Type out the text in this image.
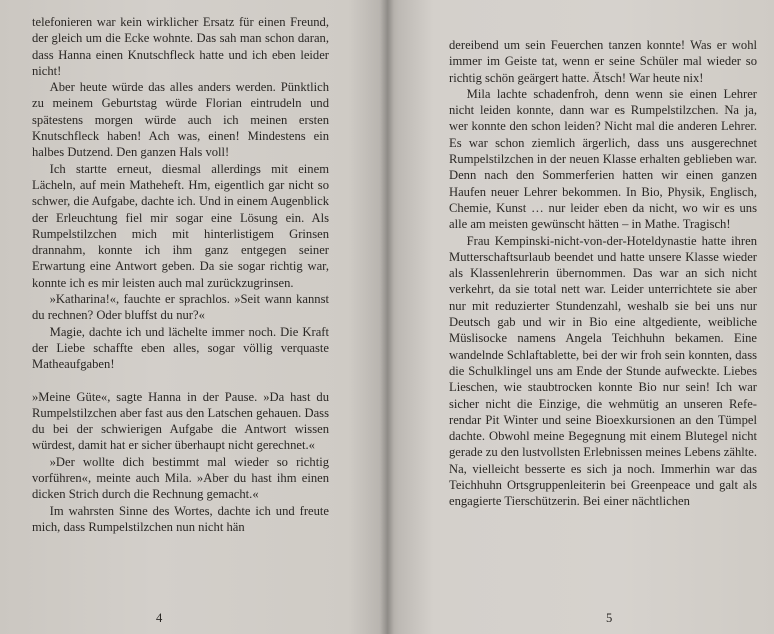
telefonieren war kein wirklicher Ersatz für einen Freund, der gleich um die Ecke wohnte. Das sah man schon daran, dass Hanna einen Knutschfleck hatte und ich eben leider nicht!

Aber heute würde das alles anders werden. Pünktlich zu meinem Geburtstag würde Florian eintrudeln und spätestens morgen würde auch ich meinen ersten Knutschfleck haben! Ach was, einen! Mindestens ein halbes Dutzend. Den ganzen Hals voll!

Ich startte erneut, diesmal allerdings mit einem Lächeln, auf mein Matheheft. Hm, eigentlich gar nicht so schwer, die Aufgabe, dachte ich. Und in einem Augenblick der Erleuchtung fiel mir sogar eine Lösung ein. Als Rumpelstilzchen mich mit hinterlistigem Grinsen drannahm, konnte ich ihm ganz entgegen seiner Erwartung eine Antwort geben. Da sie sogar richtig war, konnte ich es mir leisten auch mal zurückzugrinsen.

»Katharina!«, fauchte er sprachlos. »Seit wann kannst du rechnen? Oder bluffst du nur?«

Magie, dachte ich und lächelte immer noch. Die Kraft der Liebe schaffte eben alles, sogar völlig verquaste Matheaufgaben!

»Meine Güte«, sagte Hanna in der Pause. »Da hast du Rumpelstilzchen aber fast aus den Latschen gehauen. Dass du bei der schwierigen Aufgabe die Antwort wissen würdest, damit hat er sicher überhaupt nicht gerechnet.«

»Der wollte dich bestimmt mal wieder so richtig vorführen«, meinte auch Mila. »Aber du hast ihm einen dicken Strich durch die Rechnung gemacht.«

Im wahrsten Sinne des Wortes, dachte ich und freute mich, dass Rumpelstilzchen nun nicht hän

4

dereibend um sein Feuerchen tanzen konnte! Was er wohl immer im Geiste tat, wenn er seine Schüler mal wieder so richtig schön geärgert hatte. Ätsch! War heute nix!

Mila lachte schadenfroh, denn wenn sie einen Lehrer nicht leiden konnte, dann war es Rumpelstilzchen. Na ja, wer konnte den schon leiden? Nicht mal die anderen Lehrer. Es war schon ziemlich ärgerlich, dass uns ausgerechnet Rumpelstilzchen in der neuen Klasse erhalten geblieben war. Denn nach den Sommerferien hatten wir einen ganzen Haufen neuer Lehrer bekommen. In Bio, Physik, Englisch, Chemie, Kunst … nur leider eben da nicht, wo wir es uns alle am meisten gewünscht hätten – in Mathe. Tragisch!

Frau Kempinski-nicht-von-der-Hoteldynastie hatte ihren Mutterschaftsurlaub beendet und hatte unsere Klasse wieder als Klassenlehrerin übernommen. Das war an sich nicht verkehrt, da sie total nett war. Leider unterrichtete sie aber nur mit reduzierter Stundenzahl, weshalb sie bei uns nur Deutsch gab und wir in Bio eine altgediente, weibliche Müslisocke namens Angela Teichhuhn bekamen. Eine wandelnde Schlaftablette, bei der wir froh sein konnten, dass die Schulklingel uns am Ende der Stunde aufweckte. Liebes Lieschen, wie staubtrocken konnte Bio nur sein! Ich war sicher nicht die Einzige, die wehmütig an unseren Referendar Pit Winter und seine Bioexkursionen an den Tümpel dachte. Obwohl meine Begegnung mit einem Blutegel nicht gerade zu den lustvollsten Erlebnissen meines Lebens zählte. Na, vielleicht besserte es sich ja noch. Immerhin war das Teichhuhn Ortsgruppenleiterin bei Greenpeace und galt als engagierte Tierschützerin. Bei einer nächtlichen

5
